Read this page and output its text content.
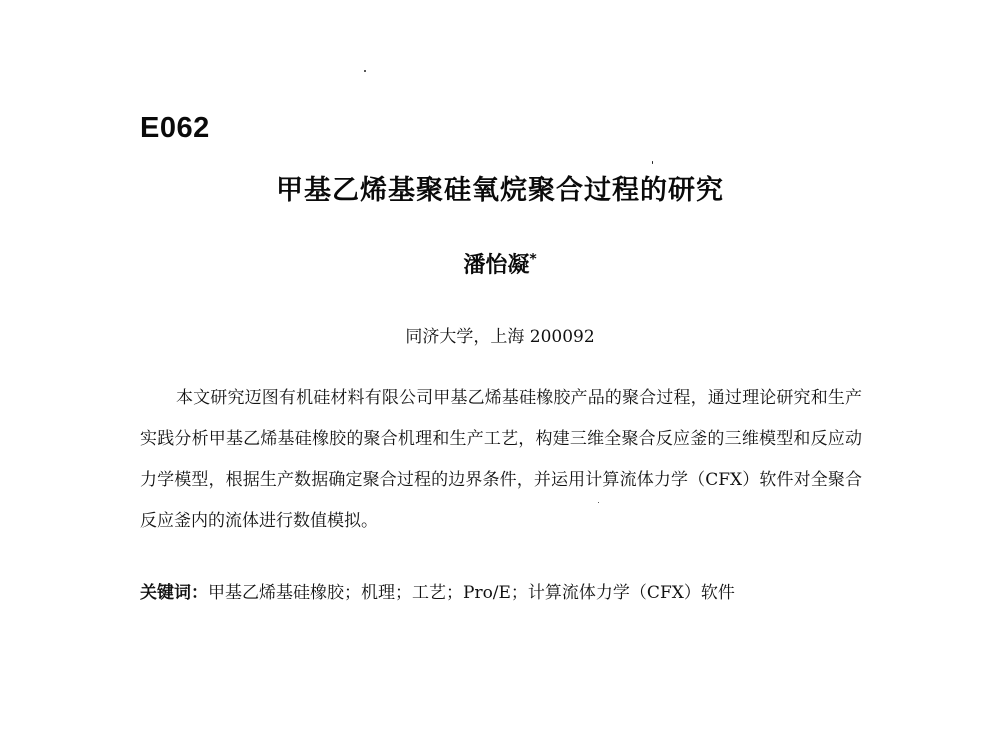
E062
甲基乙烯基聚硅氧烷聚合过程的研究
潘怡凝*
同济大学，上海 200092

本文研究迈图有机硅材料有限公司甲基乙烯基硅橡胶产品的聚合过程，通过理论研究和生产实践分析甲基乙烯基硅橡胶的聚合机理和生产工艺，构建三维全聚合反应釜的三维模型和反应动力学模型，根据生产数据确定聚合过程的边界条件，并运用计算流体力学（CFX）软件对全聚合反应釜内的流体进行数值模拟。

关键词：甲基乙烯基硅橡胶；机理；工艺；Pro/E；计算流体力学（CFX）软件
